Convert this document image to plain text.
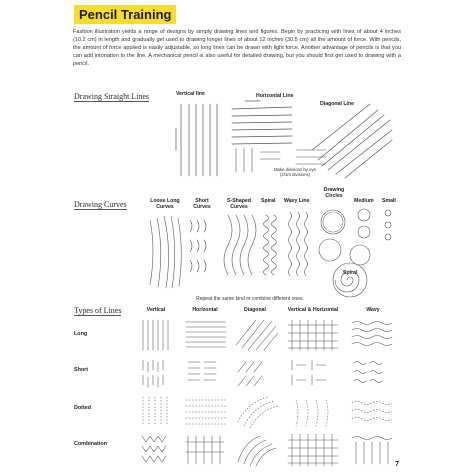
Pencil Training
Fashion illustration yields a range of designs by simply drawing lines and figures. Begin by practicing with lines of about 4 inches (10.2 cm) in length and gradually get used to drawing longer lines of about 12 inches (30.5 cm) all the amount of force. With pencils, the amount of force applied is easily adjustable, so long lines can be drawn with light force. Another advantage of pencils is that you can add intonation to the line. A mechanical pencil is also useful for detailed drawing, but you should first get used to drawing with a pencil.
Drawing Straight Lines	Vertical line	Horizontal Line
Diagonal Line
Make divisions by eye
(2/3/4 divisions)
Drawing Curves	Loose Long Curves
Short Curves
S-Shaped Curves
Spiral Wavy Line
Drawing Circles
Medium Small
Spiral
Types of Lines
Repeat the same kind or combine different ones.
Vertical	Horizontal	Diagonal	Vertical & Horizontal	Wavy
Long
Short
Dotted
Combination
7
